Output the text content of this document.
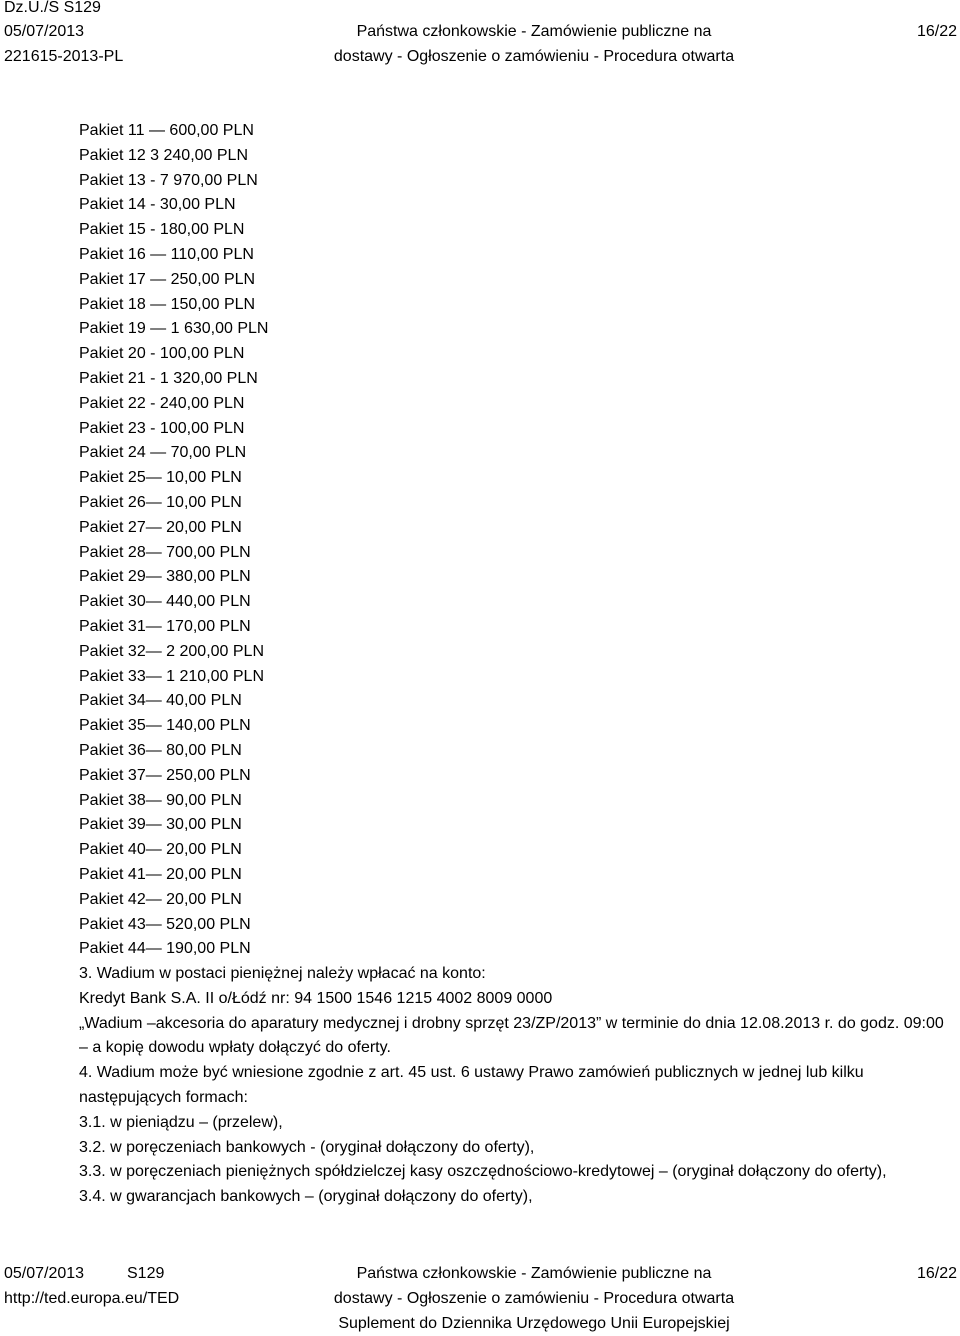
Dz.U./S S129
05/07/2013
221615-2013-PL
Państwa członkowskie - Zamówienie publiczne na
dostawy - Ogłoszenie o zamówieniu - Procedura otwarta
16/22
Pakiet 11 — 600,00 PLN
Pakiet 12 3 240,00 PLN
Pakiet 13 - 7 970,00 PLN
Pakiet 14 - 30,00 PLN
Pakiet 15 - 180,00 PLN
Pakiet 16 — 110,00 PLN
Pakiet 17 — 250,00 PLN
Pakiet 18 — 150,00 PLN
Pakiet 19 — 1 630,00 PLN
Pakiet 20 - 100,00 PLN
Pakiet 21 - 1 320,00 PLN
Pakiet 22 - 240,00 PLN
Pakiet 23 - 100,00 PLN
Pakiet 24 — 70,00 PLN
Pakiet 25— 10,00 PLN
Pakiet 26— 10,00 PLN
Pakiet 27— 20,00 PLN
Pakiet 28— 700,00 PLN
Pakiet 29— 380,00 PLN
Pakiet 30— 440,00 PLN
Pakiet 31— 170,00 PLN
Pakiet 32— 2 200,00 PLN
Pakiet 33— 1 210,00 PLN
Pakiet 34— 40,00 PLN
Pakiet 35— 140,00 PLN
Pakiet 36— 80,00 PLN
Pakiet 37— 250,00 PLN
Pakiet 38— 90,00 PLN
Pakiet 39— 30,00 PLN
Pakiet 40— 20,00 PLN
Pakiet 41— 20,00 PLN
Pakiet 42— 20,00 PLN
Pakiet 43— 520,00 PLN
Pakiet 44— 190,00 PLN
3. Wadium w postaci pieniężnej należy wpłacać na konto:
Kredyt Bank S.A. II o/Łódź nr: 94 1500 1546 1215 4002 8009 0000
„Wadium –akcesoria do aparatury medycznej i drobny sprzęt 23/ZP/2013” w terminie do dnia 12.08.2013 r. do godz. 09:00 – a kopię dowodu wpłaty dołączyć do oferty.
4. Wadium może być wniesione zgodnie z art. 45 ust. 6 ustawy Prawo zamówień publicznych w jednej lub kilku następujących formach:
3.1. w pieniądzu – (przelew),
3.2. w poręczeniach bankowych - (oryginał dołączony do oferty),
3.3. w poręczeniach pieniężnych spółdzielczej kasy oszczędnościowo-kredytowej – (oryginał dołączony do oferty),
3.4. w gwarancjach bankowych – (oryginał dołączony do oferty),
05/07/2013	S129
http://ted.europa.eu/TED
Państwa członkowskie - Zamówienie publiczne na
dostawy - Ogłoszenie o zamówieniu - Procedura otwarta
Suplement do Dziennika Urzędowego Unii Europejskiej
16/22
